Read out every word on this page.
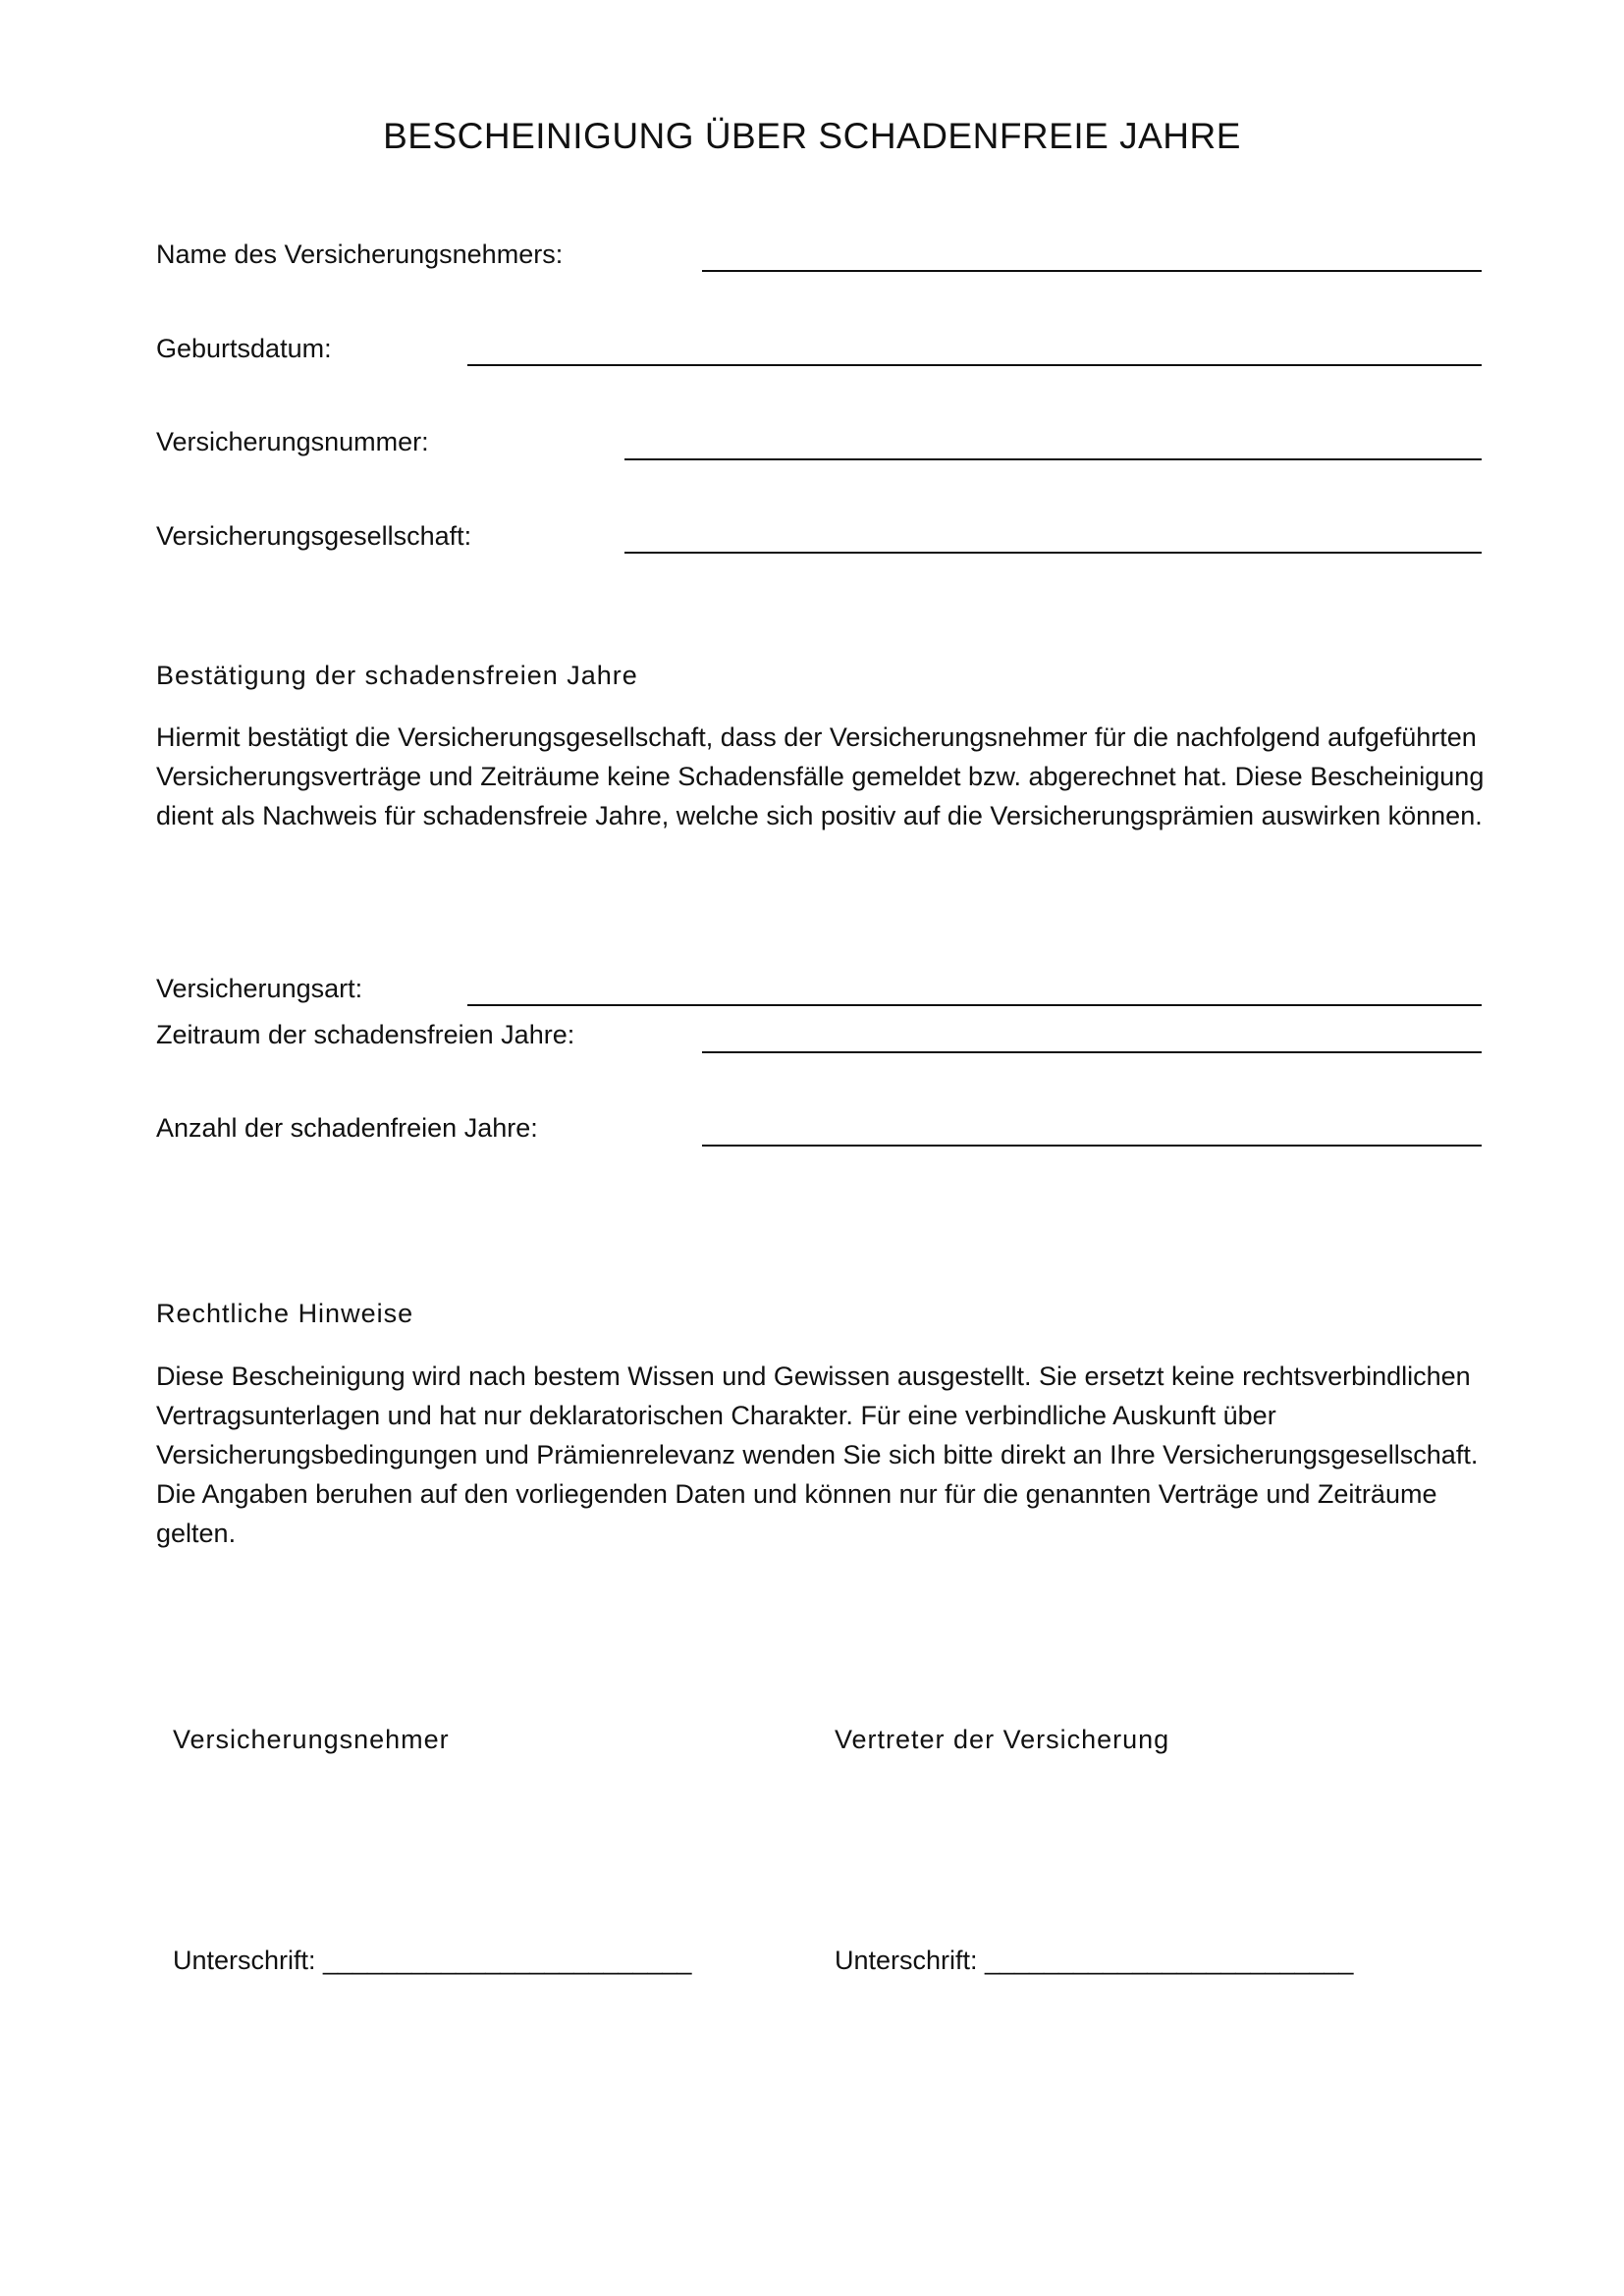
BESCHEINIGUNG ÜBER SCHADENFREIE JAHRE
Name des Versicherungsnehmers:
Geburtsdatum:
Versicherungsnummer:
Versicherungsgesellschaft:
Bestätigung der schadensfreien Jahre

Hiermit bestätigt die Versicherungsgesellschaft, dass der Versicherungsnehmer für die nachfolgend aufgeführten Versicherungsverträge und Zeiträume keine Schadensfälle gemeldet bzw. abgerechnet hat. Diese Bescheinigung dient als Nachweis für schadensfreie Jahre, welche sich positiv auf die Versicherungsprämien auswirken können.

Versicherungsart:
Zeitraum der schadensfreien Jahre:
Anzahl der schadenfreien Jahre:
Rechtliche Hinweise

Diese Bescheinigung wird nach bestem Wissen und Gewissen ausgestellt. Sie ersetzt keine rechtsverbindlichen Vertragsunterlagen und hat nur deklaratorischen Charakter. Für eine verbindliche Auskunft über Versicherungsbedingungen und Prämienrelevanz wenden Sie sich bitte direkt an Ihre Versicherungsgesellschaft. Die Angaben beruhen auf den vorliegenden Daten und können nur für die genannten Verträge und Zeiträume gelten.

Versicherungsnehmer	Vertreter der Versicherung
Unterschrift: _________________________	Unterschrift: _________________________
